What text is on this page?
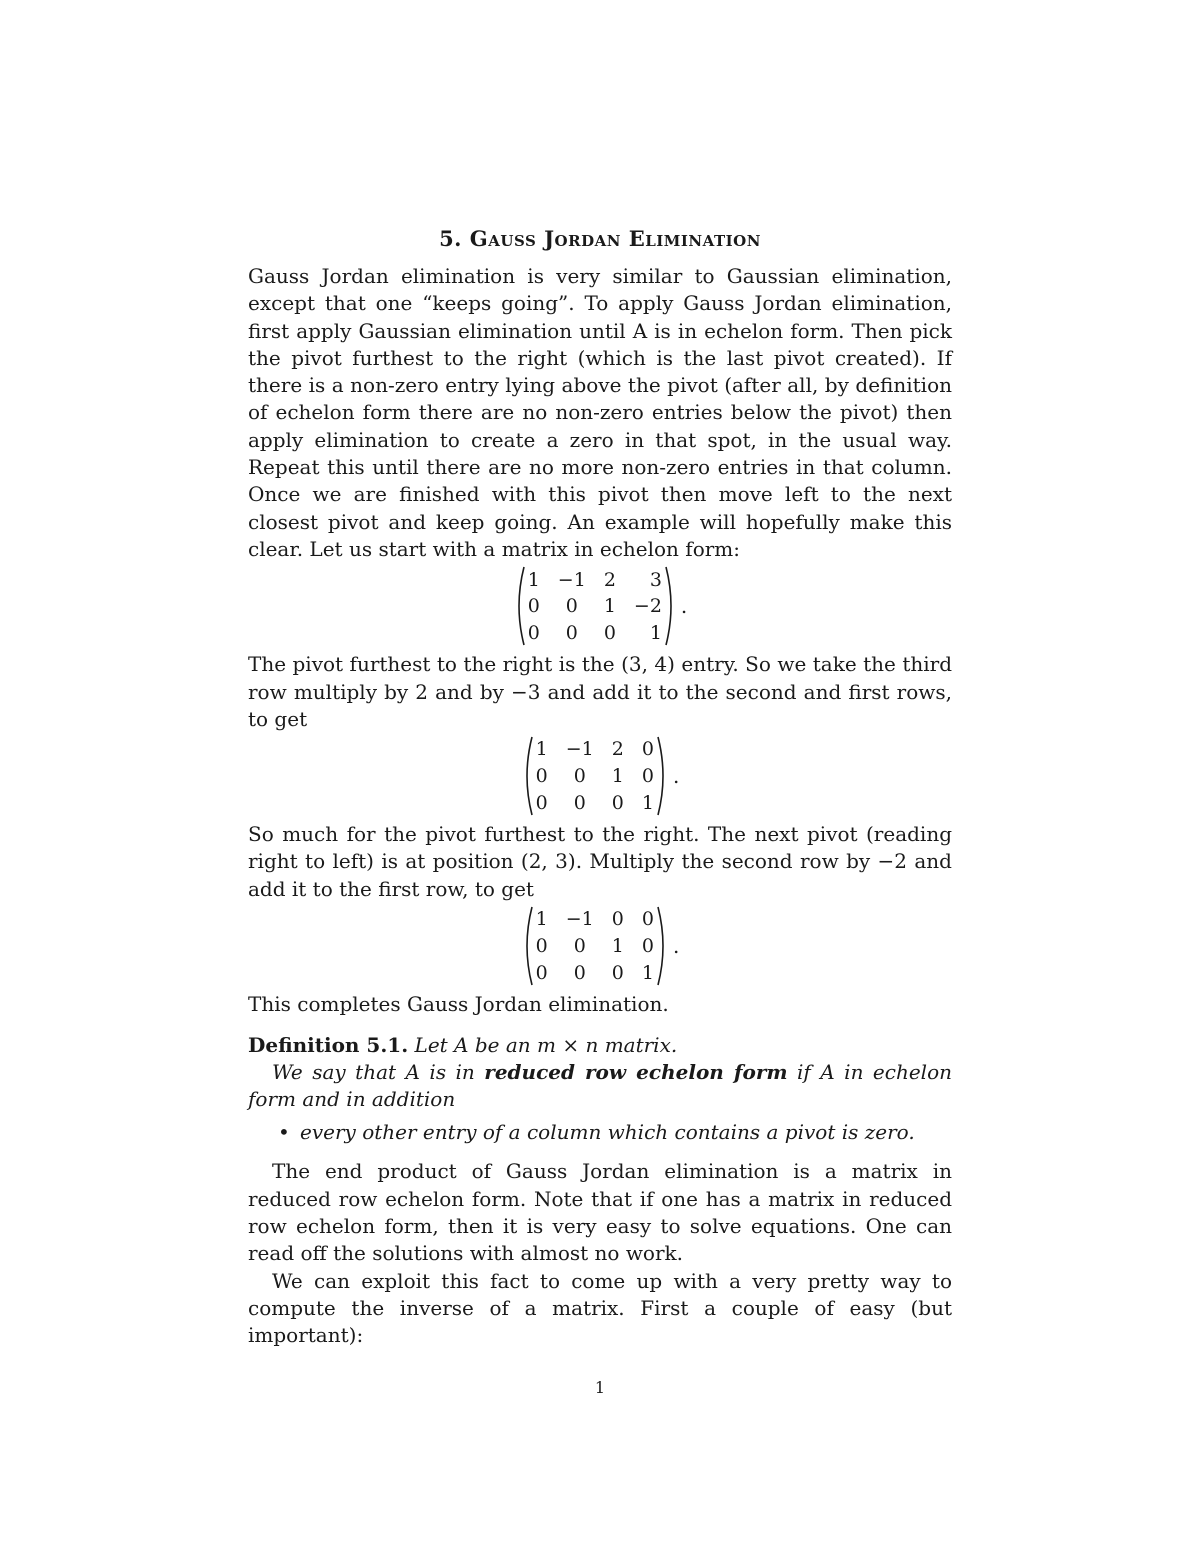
5. Gauss Jordan Elimination

Gauss Jordan elimination is very similar to Gaussian elimination, except that one “keeps going”. To apply Gauss Jordan elimination, first apply Gaussian elimination until A is in echelon form. Then pick the pivot furthest to the right (which is the last pivot created). If there is a non-zero entry lying above the pivot (after all, by definition of echelon form there are no non-zero entries below the pivot) then apply elimination to create a zero in that spot, in the usual way. Repeat this until there are no more non-zero entries in that column. Once we are finished with this pivot then move left to the next closest pivot and keep going. An example will hopefully make this clear. Let us start with a matrix in echelon form:

1	−1	2	3
0	0	1	−2
0	0	0	1
.

The pivot furthest to the right is the (3, 4) entry. So we take the third row multiply by 2 and by −3 and add it to the second and first rows, to get

1	−1	2	0
0	0	1	0
0	0	0	1
.

So much for the pivot furthest to the right. The next pivot (reading right to left) is at position (2, 3). Multiply the second row by −2 and add it to the first row, to get

1	−1	0	0
0	0	1	0
0	0	0	1
.

This completes Gauss Jordan elimination.

Definition 5.1. Let A be an m × n matrix.
We say that A is in reduced row echelon form if A in echelon form and in addition
• every other entry of a column which contains a pivot is zero.

The end product of Gauss Jordan elimination is a matrix in reduced row echelon form. Note that if one has a matrix in reduced row echelon form, then it is very easy to solve equations. One can read off the solutions with almost no work.

We can exploit this fact to come up with a very pretty way to compute the inverse of a matrix. First a couple of easy (but important):

1
